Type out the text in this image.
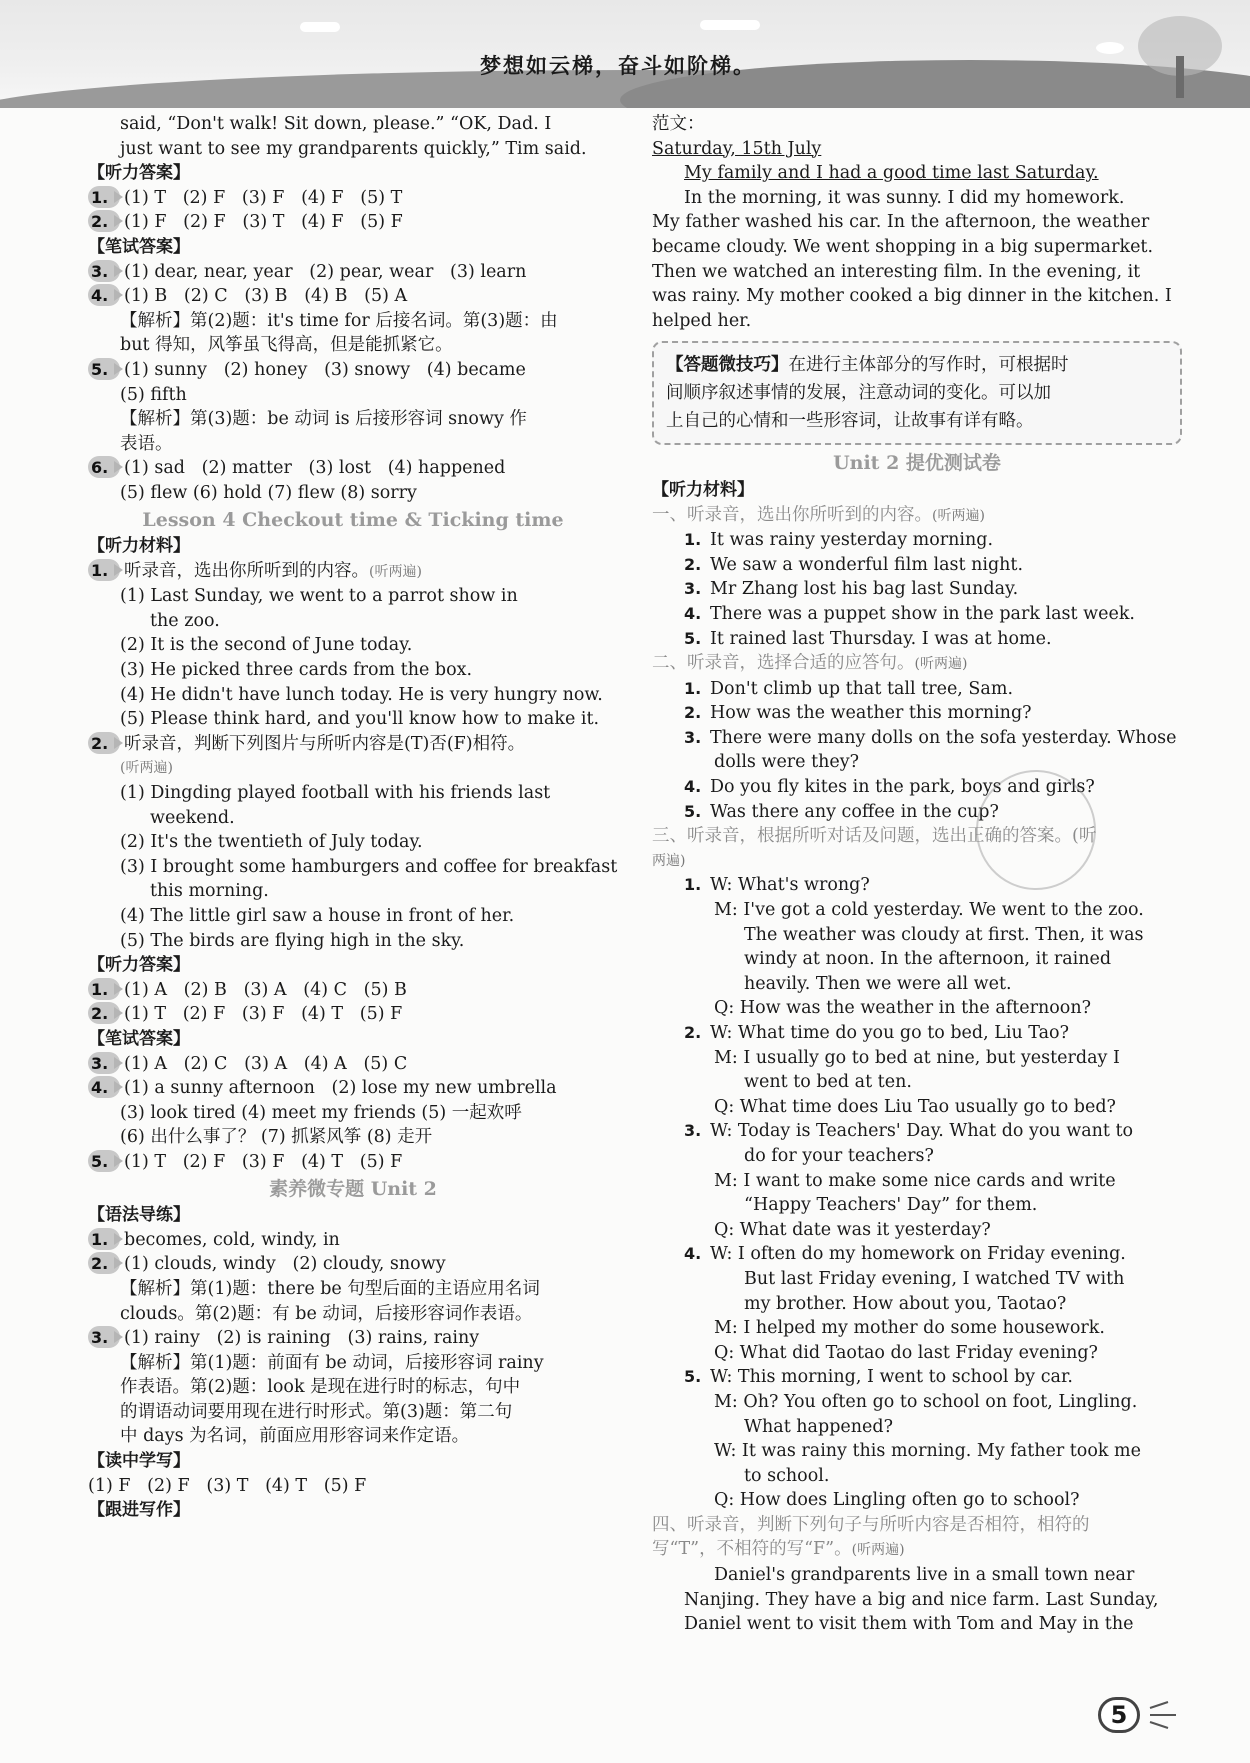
梦想如云梯，奋斗如阶梯。
said, “Don't walk! Sit down, please.” “OK, Dad. I
just want to see my grandparents quickly,” Tim said.
【听力答案】
1. (1) T   (2) F   (3) F   (4) F   (5) T
2. (1) F   (2) F   (3) T   (4) F   (5) F
【笔试答案】
3. (1) dear, near, year   (2) pear, wear   (3) learn
4. (1) B   (2) C   (3) B   (4) B   (5) A
【解析】第(2)题：it's time for 后接名词。第(3)题：由
but 得知，风筝虽飞得高，但是能抓紧它。
5. (1) sunny   (2) honey   (3) snowy   (4) became
(5) fifth
【解析】第(3)题：be 动词 is 后接形容词 snowy 作
表语。
6. (1) sad   (2) matter   (3) lost   (4) happened
(5) flew (6) hold (7) flew (8) sorry
Lesson 4 Checkout time & Ticking time
【听力材料】
1. 听录音，选出你所听到的内容。(听两遍)
(1) Last Sunday, we went to a parrot show in
the zoo.
(2) It is the second of June today.
(3) He picked three cards from the box.
(4) He didn't have lunch today. He is very hungry now.
(5) Please think hard, and you'll know how to make it.
2. 听录音，判断下列图片与所听内容是(T)否(F)相符。
(听两遍)
(1) Dingding played football with his friends last
weekend.
(2) It's the twentieth of July today.
(3) I brought some hamburgers and coffee for breakfast
this morning.
(4) The little girl saw a house in front of her.
(5) The birds are flying high in the sky.
【听力答案】
1. (1) A   (2) B   (3) A   (4) C   (5) B
2. (1) T   (2) F   (3) F   (4) T   (5) F
【笔试答案】
3. (1) A   (2) C   (3) A   (4) A   (5) C
4. (1) a sunny afternoon   (2) lose my new umbrella
(3) look tired (4) meet my friends (5) 一起欢呼
(6) 出什么事了？ (7) 抓紧风筝 (8) 走开
5. (1) T   (2) F   (3) F   (4) T   (5) F
素养微专题 Unit 2
【语法导练】
1. becomes, cold, windy, in
2. (1) clouds, windy   (2) cloudy, snowy
【解析】第(1)题：there be 句型后面的主语应用名词
clouds。第(2)题：有 be 动词，后接形容词作表语。
3. (1) rainy   (2) is raining   (3) rains, rainy
【解析】第(1)题：前面有 be 动词，后接形容词 rainy
作表语。第(2)题：look 是现在进行时的标志，句中
的谓语动词要用现在进行时形式。第(3)题：第二句
中 days 为名词，前面应用形容词来作定语。
【读中学写】
(1) F   (2) F   (3) T   (4) T   (5) F
【跟进写作】
范文：
Saturday, 15th July
My family and I had a good time last Saturday.
In the morning, it was sunny. I did my homework.
My father washed his car. In the afternoon, the weather
became cloudy. We went shopping in a big supermarket.
Then we watched an interesting film. In the evening, it
was rainy. My mother cooked a big dinner in the kitchen. I
helped her.
【答题微技巧】在进行主体部分的写作时，可根据时
间顺序叙述事情的发展，注意动词的变化。可以加
上自己的心情和一些形容词，让故事有详有略。
Unit 2 提优测试卷
【听力材料】
一、听录音，选出你所听到的内容。(听两遍)
1. It was rainy yesterday morning.
2. We saw a wonderful film last night.
3. Mr Zhang lost his bag last Sunday.
4. There was a puppet show in the park last week.
5. It rained last Thursday. I was at home.
二、听录音，选择合适的应答句。(听两遍)
1. Don't climb up that tall tree, Sam.
2. How was the weather this morning?
3. There were many dolls on the sofa yesterday. Whose
dolls were they?
4. Do you fly kites in the park, boys and girls?
5. Was there any coffee in the cup?
三、听录音，根据所听对话及问题，选出正确的答案。(听
两遍)
1. W: What's wrong?
M: I've got a cold yesterday. We went to the zoo.
The weather was cloudy at first. Then, it was
windy at noon. In the afternoon, it rained
heavily. Then we were all wet.
Q: How was the weather in the afternoon?
2. W: What time do you go to bed, Liu Tao?
M: I usually go to bed at nine, but yesterday I
went to bed at ten.
Q: What time does Liu Tao usually go to bed?
3. W: Today is Teachers' Day. What do you want to
do for your teachers?
M: I want to make some nice cards and write
“Happy Teachers' Day” for them.
Q: What date was it yesterday?
4. W: I often do my homework on Friday evening.
But last Friday evening, I watched TV with
my brother. How about you, Taotao?
M: I helped my mother do some housework.
Q: What did Taotao do last Friday evening?
5. W: This morning, I went to school by car.
M: Oh? You often go to school on foot, Lingling.
What happened?
W: It was rainy this morning. My father took me
to school.
Q: How does Lingling often go to school?
四、听录音，判断下列句子与所听内容是否相符，相符的
写“T”，不相符的写“F”。(听两遍)
Daniel's grandparents live in a small town near
Nanjing. They have a big and nice farm. Last Sunday,
Daniel went to visit them with Tom and May in the
5
